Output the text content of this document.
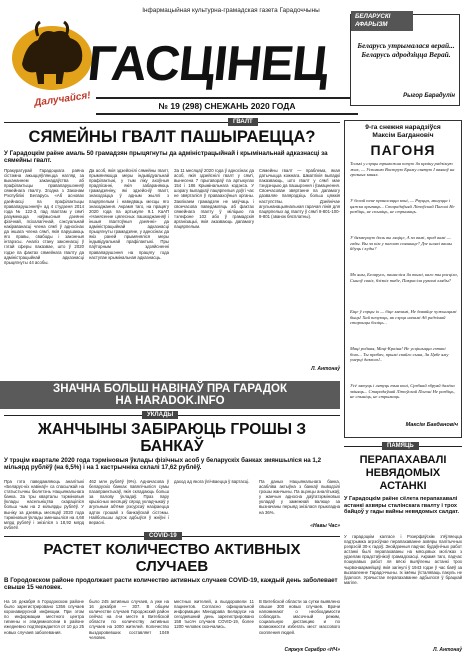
Інфармацыйная культурна-грамадская газета Гарадоччыны
ГАСЦІНЕЦ
Далучайся!	№ 19 (298) СНЕЖАНЬ 2020 ГОДА
БЕЛАРУСКІ АФАРЫЗМ
Беларусь утрымалася верай... Беларусь адродзіцца Верай.
Рыгор Барадулін
ГВАЛТ
СЯМЕЙНЫ ГВАЛТ ПАШЫРАЕЦЦА?
У Гарадоцкім раёне амаль 50 грамадзян прыцягнуты да адміністрацыйнай і крымінальнай адказнасці за сямейны гвалт.
Пракуратурай Гарадоцкага раёна сістэмна ажыццяўляецца нагляд за выкананнем заканадаўства аб прафілактыцы правапарушэнняў сямейнага гвалту. Згодна з Законам Рэспублікі Беларусь «Аб асновах дзейнасці па прафілактыцы правапарушэнняў» ад 4 студзеня 2014 года № 122-З, пад гвалтам у сям'і разумеюцца наўмысныя дзеянні фізічнай, псіхалагічнай, сэксуальнай накіраванасці члена сям'і ў адносінах да іншага члена сям'і, якія парушаюць яго правы, свабоды і законныя інтарэсы. Аналіз стану законнасці ў гэтай сферы паказвае, што ў 2020 годзе па фактах сямейнага гвалту да адміністрацыйнай адказнасці прыцягнуты 44 асобы.
Да асоб, якія здзейснілі сямейны гвалт, прымяняюцца меры індывідуальнай прафілактыкі, у тым ліку ахоўныя прадпісанні, якія забараняюць грамадзяніну, які здзейсніў гвалт, знаходзіцца ў адным жыллі з пацярпелым і наведваць месцы яго знаходжання. Акрамя таго, на працягу 2020 года па артыкуле 9.1 КаАП «Нанясенне цялесных пашкоджанняў і іншыя гвалтоўныя дзеянні» да адміністрацыйнай адказнасці прыцягнуты грамадзяне, у адносінах да якіх раней прымяняліся меры індывідуальнай прафілактыкі. Пры паўторным здзяйсненні правапарушэння на працягу года наступае крымінальная адказнасць.
За 11 месяцаў 2020 года ў адносінах да асоб, якія здзейснілі гвалт у сям'і, вынесена 7 прыгавораў па артыкулах 154 і 186 Крымінальнага кодэкса. У шэрагу выпадкаў пацярпелыя доўгі час не звярталіся ў праваахоўныя органы. Заклікаем грамадзян не маўчаць і своечасова паведамляць аб фактах сямейнага гвалту ў міліцыю па тэлефоне 102 або ў грамадскія арганізацыі, якія аказваюць дапамогу пацярпелым.
Сямейны гвалт — праблема, якая датычыцца кожнага. Шматлікія выпадкі паказваюць, што гвалт у сям'і мае тэндэнцыю да пашырэння і ўзмацнення. Своечасовае звяртанне па дапамогу дазваляе папярэдзіць больш цяжкія наступствы. Дзейнічае агульнанацыянальная гарачая лінія для пацярпелых ад гвалту ў сям'і 8-801-100-8-801 (званок бясплатны).
Л. Антонаў
ЗНАЧНА БОЛЬШ НАВІНАЎ ПРА ГАРАДОК
НА HARADOK.INFO
УКЛАДЫ
ЖАНЧЫНЫ ЗАБІРАЮЦЬ ГРОШЫ З БАНКАЎ
У трэцім квартале 2020 года тэрміновыя ўклады фізічных асоб у беларускіх банках змяншыліся на 1,2 мільярд рублёў (на 6,5%) і на 1 кастрычніка склалі 17,62 рублёў.
Пра гэта паведамляюць аналітыкі «Беларус-кіх навінаў» са спасылкай на статыстычны бюлетэнь Нацыянальнага банка. За тры кварталы тэрміновыя ўклады насельніцтва скараціліся больш чым на 2 мільярды рублёў. У выніку за дзевяць месяцаў 2020 года тэрміновыя ўклады зменшыліся на 4,68 млрд рублёў і знізіліся з 18,92 млрд рублёў.
462 млн рублёў (9%). Адначасова ў беларускіх банках павялічыліся сумы пазапраектыкаў, якія складаюць больш за палову ўкладаў. Праз пару крызісных месяцаў сярод укладчыкаў у агульным аб'ёме рэсурсаў назіраецца адток грошай з банкаўскай сістэмы. Найбольшы адток адбыўся ў жніўні і верасні.
даход ад якога ўлічваецца ў вартасці.	Па даных Нацыянальнага банка, асабліва актыўна з банкаў выводзілі грошы жанчыны. Па ацэнцы аналітыкаў, у жанчын адносна даўгатэрміновых укладаў у замежнай валюце за вызначаны перыяд знізілася прыкладна на 36%.
«Навы Час»
COVID-19
РАСТЕТ КОЛИЧЕСТВО АКТИВНЫХ СЛУЧАЕВ
В Городокском районе продолжает расти количество активных случаев COVID-19, каждый день заболевает свыше 15 человек.
На 16 декабря в Городокском районе было зарегистрировано 1356 случаев коронавирусной инфекции. При этом по информации местного центра гигиены и эпидемиологии в районе ежедневно подтверждается от 10 до 25 новых случаев заболевания.
было 245 активных случаев, а уже на 16 декабря — 307. В общем количестве случаев Городокский район сейчас на 4-м месте в Витебской области по количеству активных случаев на 1000 жителей. Количество выздоровевших составляет 1049 человек.
местных жителей, а выздоровели 11 пациентов. Согласно официальной информации Минздрава Беларуси на сегодняшний день зарегистрировано 158 тысяч случаев COVID-19, более 1200 человек скончались.
В Витебской области за сутки выявлено свыше 300 новых случаев. Врачи напоминают о необходимости соблюдать масочный режим, социальную дистанцию и по возможности избегать мест массового скопления людей.
Сяржук Серабро «НЧ»
9-га снежня нарадзіўся
Максім Багдановіч
ПАГОНЯ
Толькі у сэрцы трывожна пачую За краіну радзімую жах, — Успомню Вострую Браму святую І ваякаў на грозных канях.
У белай пене праносяцца коні, — Рвуцца, мкнуцца і цяжка хрыпяць... Старадаўняй Літоўскай Пагоні Не разбіць, не спыніць, не стрымаць.
У бязмерную даль вы ляціце, А за вамі, прад вамі — гады. Вы за кім у пагоню спяшыце? Дзе шляхі вашы йдуць і куды?
Мо яны, Беларусь, панясліся За тымі, каго ты расціла, Сыноў сваіх, блізкіх табе, Пакрасіла рукамі хлябы?
Біце ў сэрцы іх — біце мячамі, Не давайце чужынцамі быць! Хай пачуюць, як сэрца начамі Аб радзімай старонцы баліць...
Маці родная, Маці-Краіна! Не усцішыцца гэтакі боль... Ты прабач, прымі свайго сына, За Цябе яму умерці дазволь!..
Усё лятуць і лятуць тыя коні, Срэбнай збруяй далёка звіняць... Старадаўняй Літоўскай Пагоні Не разбіць, не спыніць, не стрымаць.
Максім Багдановіч
ПАМЯЦЬ
ПЕРАПАХАВАЛІ НЕВЯДОМЫХ АСТАНКІ
У Гарадоцкім раёне сёлета перапахавалі астанкі ахвяры сталінскага гвалту і трох байцоў у гады вайны невядомых салдат.
У гарадоцкім калгасе і Рэзерфаўскім з'яўляецца падтрымка агрэсіўнае перапахаванне ахвяры палітычных рэпрэсій 30-х гадоў. Знойдзеныя падчас будаўнічых работ астанкі былі перапахаваны на мясцовых могілках з удзелам прадстаўнікоў грамадскасці. Акрамя таго, падчас пошукавых работ ля вёскі выяўлены астанкі трох чырвонаармейцаў, якія загінулі ў 1943 годзе ў час баёў за вызваленне Гарадоччыны. Іх імёны ўсталяваць пакуль не ўдалося. Урачыстае перапахаванне адбылося ў брацкай магіле.
Л. Антонаў
